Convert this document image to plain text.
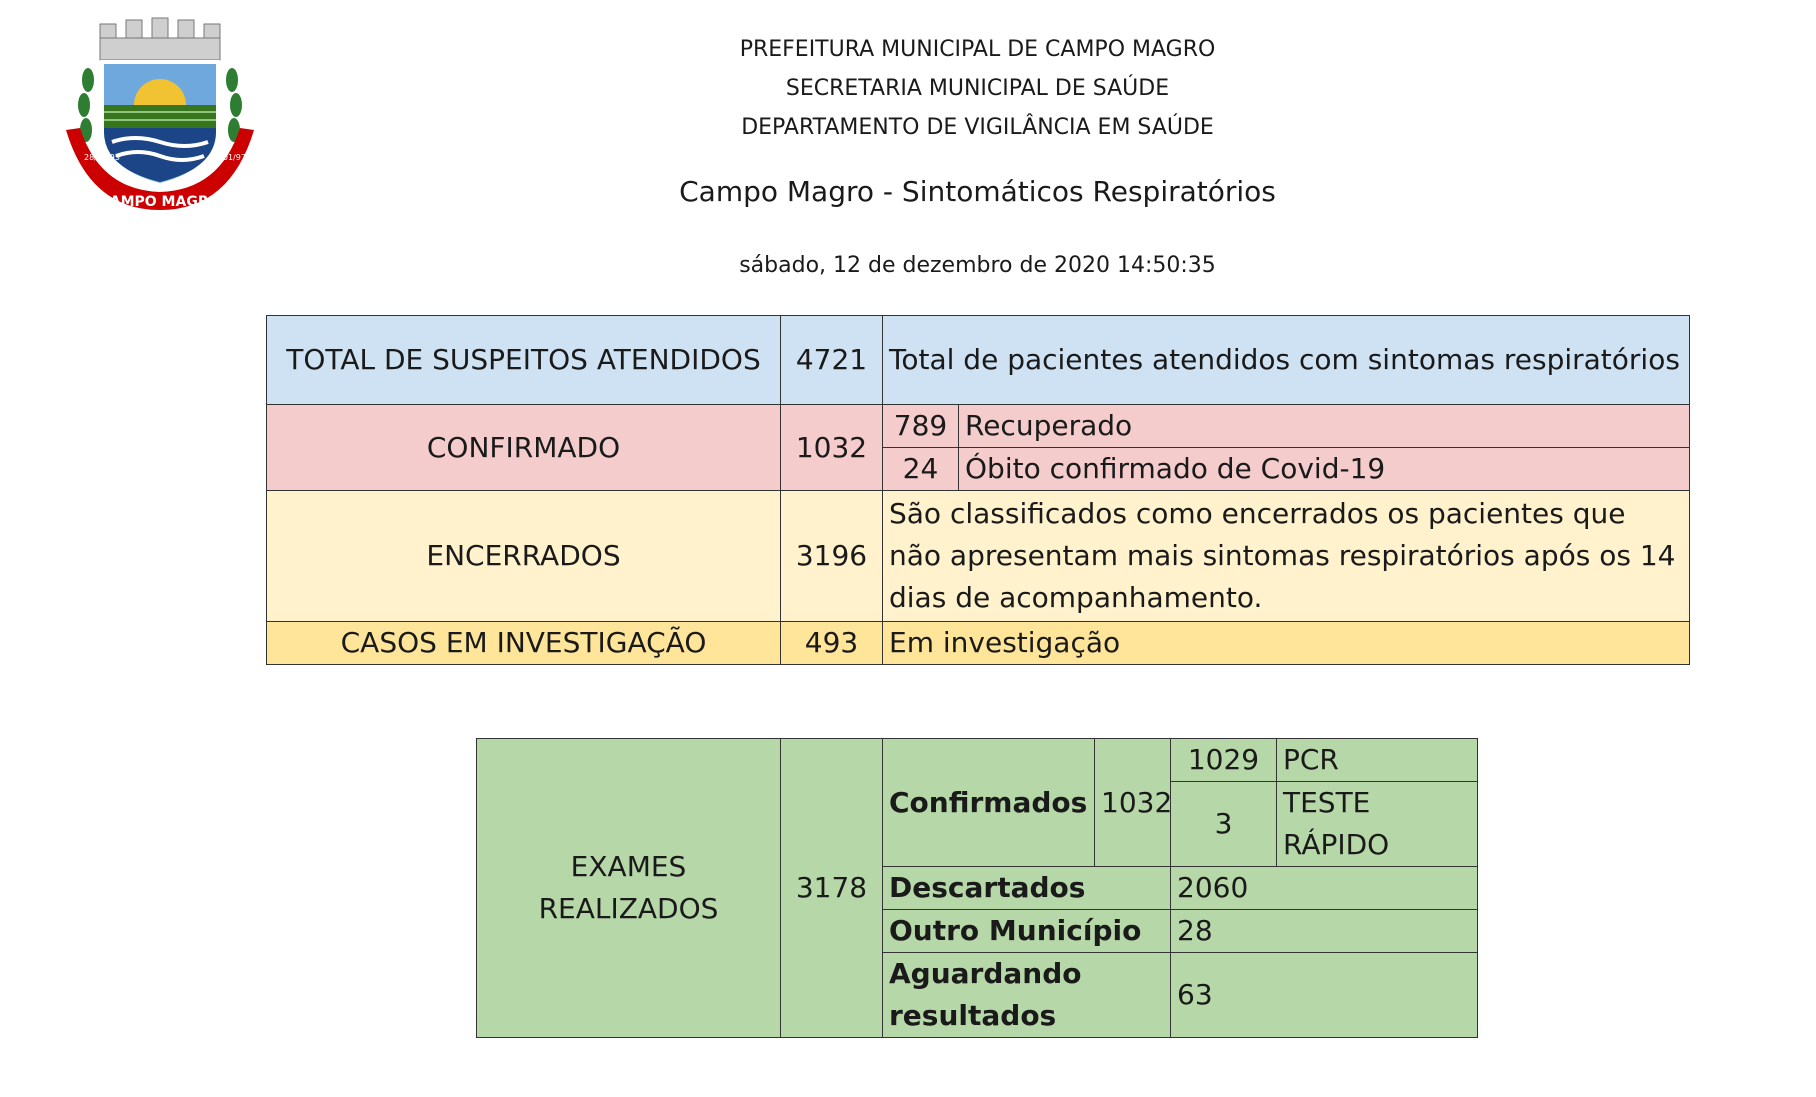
CAMPO MAGRO
28/12/95	01/01/97
PREFEITURA MUNICIPAL DE CAMPO MAGRO
SECRETARIA MUNICIPAL DE SAÚDE
DEPARTAMENTO DE VIGILÂNCIA EM SAÚDE
Campo Magro - Sintomáticos Respiratórios
sábado, 12 de dezembro de 2020 14:50:35
TOTAL DE SUSPEITOS ATENDIDOS	4721	Total de pacientes atendidos com sintomas respiratórios	
CONFIRMADO	1032	789	Recuperado
		24	Óbito confirmado de Covid-19
ENCERRADOS	3196	São classificados como encerrados os pacientes que não apresentam mais sintomas respiratórios após os 14 dias de acompanhamento.	
CASOS EM INVESTIGAÇÃO	493	Em investigação	
EXAMES REALIZADOS	3178	Confirmados	1032	1029	PCR
				3	TESTE RÁPIDO
		Descartados		2060	
		Outro Município		28	
		Aguardando resultados		63	
